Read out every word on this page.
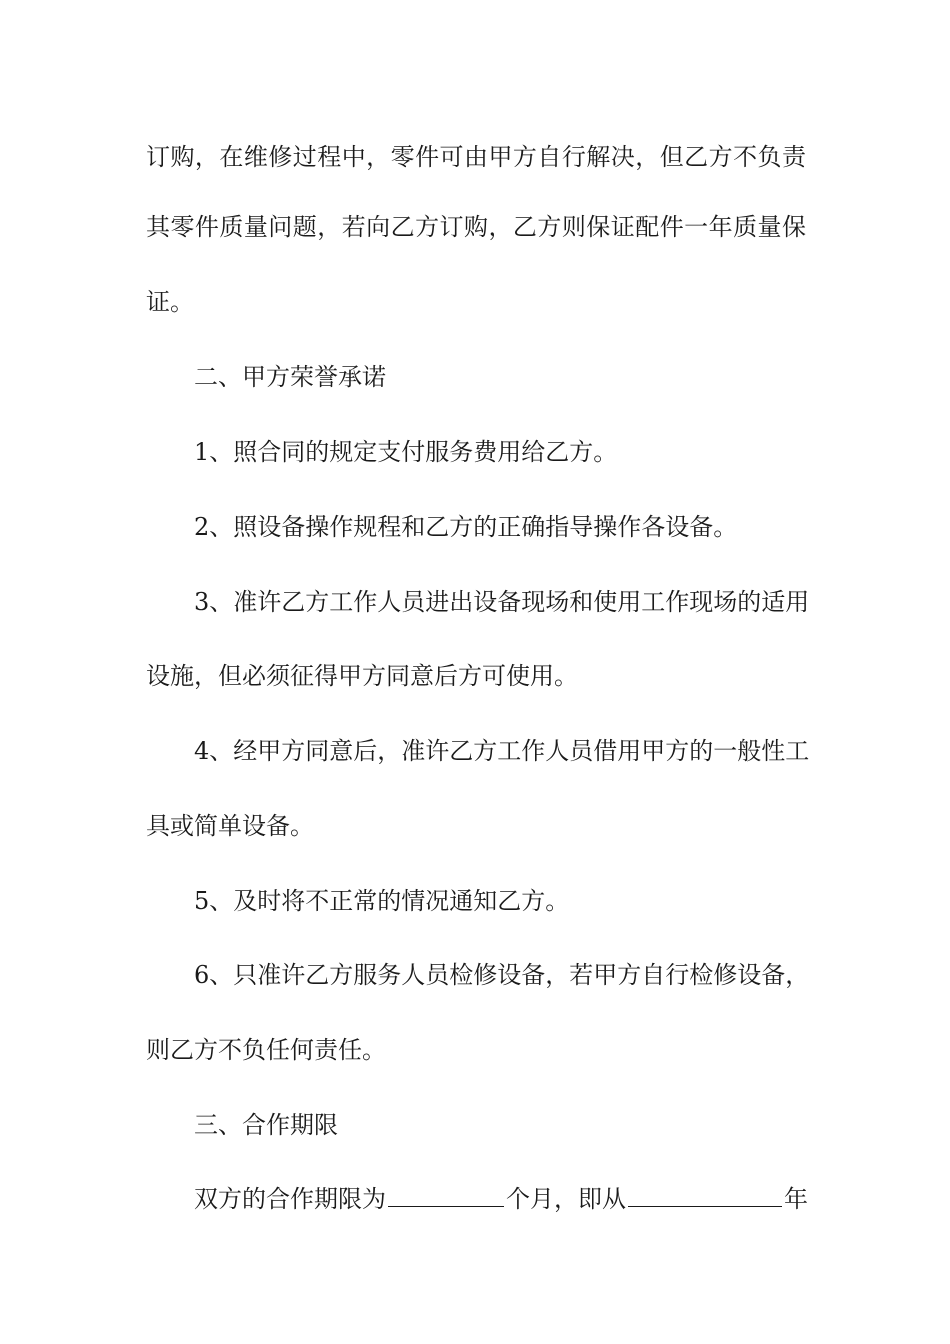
订购，在维修过程中，零件可由甲方自行解决，但乙方不负责
其零件质量问题，若向乙方订购，乙方则保证配件一年质量保
证。
二、甲方荣誉承诺
1、照合同的规定支付服务费用给乙方。
2、照设备操作规程和乙方的正确指导操作各设备。
3、准许乙方工作人员进出设备现场和使用工作现场的适用
设施，但必须征得甲方同意后方可使用。
4、经甲方同意后，准许乙方工作人员借用甲方的一般性工
具或简单设备。
5、及时将不正常的情况通知乙方。
6、只准许乙方服务人员检修设备，若甲方自行检修设备，
则乙方不负任何责任。
三、合作期限
双方的合作期限为	个月，即从	年
